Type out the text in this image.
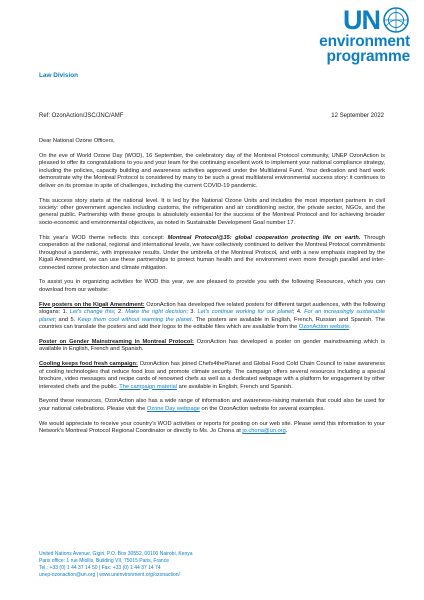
UN
environment
programme
Law Division
Ref: OzonAction/JSC/JNC/AMF	12 September 2022

Dear National Ozone Officers,

On the eve of World Ozone Day (WOD), 16 September, the celebratory day of the Montreal Protocol community, UNEP OzonAction is pleased to offer its congratulations to you and your team for the continuing excellent work to implement your national compliance strategy, including the policies, capacity building and awareness activities approved under the Multilateral Fund. Your dedication and hard work demonstrate why the Montreal Protocol is considered by many to be such a great multilateral environmental success story: it continues to deliver on its promise in spite of challenges, including the current COVID-19 pandemic.

This success story starts at the national level. It is led by the National Ozone Units and includes the most important partners in civil society: other government agencies including customs, the refrigeration and air conditioning sector, the private sector, NGOs, and the general public. Partnership with these groups is absolutely essential for the success of the Montreal Protocol and for achieving broader socio-economic and environmental objectives, as noted in Sustainable Development Goal number 17.

This year's WOD theme reflects this concept: Montreal Protocol@35: global cooperation protecting life on earth. Through cooperation at the national, regional and international levels, we have collectively continued to deliver the Montreal Protocol commitments throughout a pandemic, with impressive results. Under the umbrella of the Montreal Protocol, and with a new emphasis inspired by the Kigali Amendment, we can use these partnerships to protect human health and the environment even more through parallel and inter-connected ozone protection and climate mitigation.

To assist you in organizing activities for WOD this year, we are pleased to provide you with the following Resources, which you can download from our website:

Five posters on the Kigali Amendment: OzonAction has developed five related posters for different target audiences, with the following slogans: 1. Let's change this; 2. Make the right decision; 3. Let's continue working for our planet; 4. For an increasingly sustainable planet; and 5. Keep them cool without warming the planet. The posters are available in English, French, Russian and Spanish. The countries can translate the posters and add their logos to the editable files which are available from the OzonAction website.

Poster on Gender Mainstreaming in Montreal Protocol: OzonAction has developed a poster on gender mainstreaming which is available in English, French and Spanish.

Cooling keeps food fresh campaign: OzonAction has joined Chefs4thePlanet and Global Food Cold Chain Council to raise awareness of cooling technologies that reduce food loss and promote climate security. The campaign offers several resources including a special brochure, video messages and recipe cards of renowned chefs as well as a dedicated webpage with a platform for engagement by other interested chefs and the public. The campaign material are available in English, French and Spanish.

Beyond these resources, OzonAction also has a wide range of information and awareness-raising materials that could also be used for your national celebrations. Please visit the Ozone Day webpage on the OzonAction website for several examples.

We would appreciate to receive your country's WOD activities or reports for posting on our web site. Please send this information to your Network's Montreal Protocol Regional Coordinator or directly to Ms. Jo Chona at jo.chona@un.org.

United Nations Avenue, Gigiri, P.O. Box 30552, 00100 Nairobi, Kenya
Paris office: 1 rue Miollis, Building VII, 75015 Paris, France
Tel.: +33 (0) 1 44 37 14 50 | Fax: +33 (0) 1 44 37 14 74
unep-ozonaction@un.org | www.unenvironment.org/ozonaction/
